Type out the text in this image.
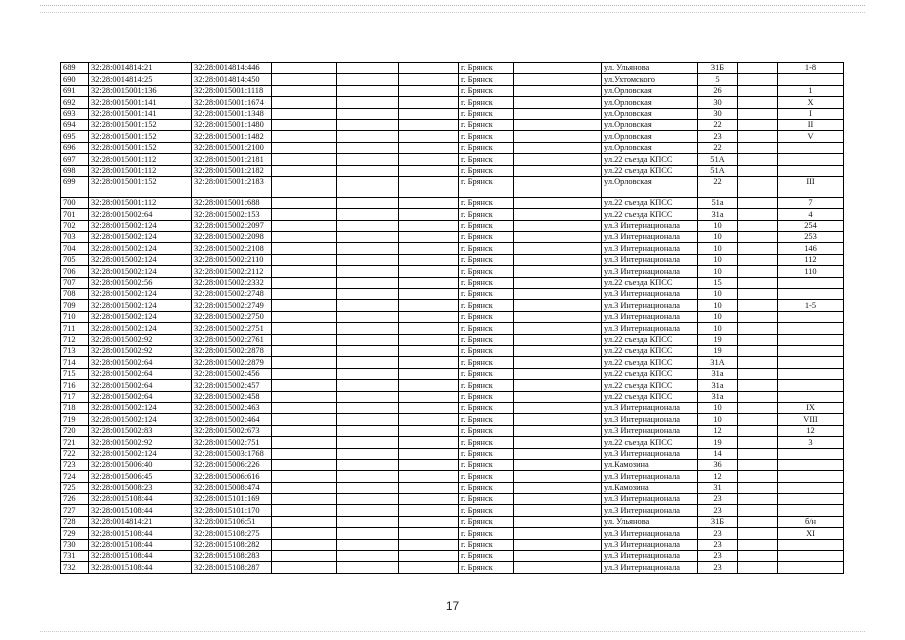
689	32:28:0014814:21	32:28:0014814:446				г. Брянск		ул. Ульянова	31Б		1-8
690	32:28:0014814:25	32:28:0014814:450				г. Брянск		ул.Ухтомского	5		
691	32:28:0015001:136	32:28:0015001:1118				г. Брянск		ул.Орловская	26		1
692	32:28:0015001:141	32:28:0015001:1674				г. Брянск		ул.Орловская	30		X
693	32:28:0015001:141	32:28:0015001:1348				г. Брянск		ул.Орловская	30		I
694	32:28:0015001:152	32:28:0015001:1480				г. Брянск		ул.Орловская	22		II
695	32:28:0015001:152	32:28:0015001:1482				г. Брянск		ул.Орловская	23		V
696	32:28:0015001:152	32:28:0015001:2100				г. Брянск		ул.Орловская	22		
697	32:28:0015001:112	32:28:0015001:2181				г. Брянск		ул.22 съезда КПСС	51А		
698	32:28:0015001:112	32:28:0015001:2182				г. Брянск		ул.22 съезда КПСС	51А		
699	32:28:0015001:152	32:28:0015001:2183				г. Брянск		ул.Орловская	22		III
700	32:28:0015001:112	32:28:0015001:688				г. Брянск		ул.22 съезда КПСС	51а		7
701	32:28:0015002:64	32:28:0015002:153				г. Брянск		ул.22 съезда КПСС	31а		4
702	32:28:0015002:124	32:28:0015002:2097				г. Брянск		ул.3 Интернационала	10		254
703	32:28:0015002:124	32:28:0015002:2098				г. Брянск		ул.3 Интернационала	10		253
704	32:28:0015002:124	32:28:0015002:2108				г. Брянск		ул.3 Интернационала	10		146
705	32:28:0015002:124	32:28:0015002:2110				г. Брянск		ул.3 Интернационала	10		112
706	32:28:0015002:124	32:28:0015002:2112				г. Брянск		ул.3 Интернационала	10		110
707	32:28:0015002:56	32:28:0015002:2332				г. Брянск		ул.22 съезда КПСС	15		
708	32:28:0015002:124	32:28:0015002:2748				г. Брянск		ул.3 Интернационала	10		
709	32:28:0015002:124	32:28:0015002:2749				г. Брянск		ул.3 Интернационала	10		1-5
710	32:28:0015002:124	32:28:0015002:2750				г. Брянск		ул.3 Интернационала	10		
711	32:28:0015002:124	32:28:0015002:2751				г. Брянск		ул.3 Интернационала	10		
712	32:28:0015002:92	32:28:0015002:2761				г. Брянск		ул.22 съезда КПСС	19		
713	32:28:0015002:92	32:28:0015002:2878				г. Брянск		ул.22 съезда КПСС	19		
714	32:28:0015002:64	32:28:0015002:2879				г. Брянск		ул.22 съезда КПСС	31А		
715	32:28:0015002:64	32:28:0015002:456				г. Брянск		ул.22 съезда КПСС	31а		
716	32:28:0015002:64	32:28:0015002:457				г. Брянск		ул.22 съезда КПСС	31а		
717	32:28:0015002:64	32:28:0015002:458				г. Брянск		ул.22 съезда КПСС	31а		
718	32:28:0015002:124	32:28:0015002:463				г. Брянск		ул.3 Интернационала	10		IX
719	32:28:0015002:124	32:28:0015002:464				г. Брянск		ул.3 Интернационала	10		VIII
720	32:28:0015002:83	32:28:0015002:673				г. Брянск		ул.3 Интернационала	12		12
721	32:28:0015002:92	32:28:0015002:751				г. Брянск		ул.22 съезда КПСС	19		3
722	32:28:0015002:124	32:28:0015003:1768				г. Брянск		ул.3 Интернационала	14		
723	32:28:0015006:40	32:28:0015006:226				г. Брянск		ул.Камозина	36		
724	32:28:0015006:45	32:28:0015006:616				г. Брянск		ул.3 Интернационала	12		
725	32:28:0015008:23	32:28:0015008:474				г. Брянск		ул.Камозина	31		
726	32:28:0015108:44	32:28:0015101:169				г. Брянск		ул.3 Интернационала	23		
727	32:28:0015108:44	32:28:0015101:170				г. Брянск		ул.3 Интернационала	23		
728	32:28:0014814:21	32:28:0015106:51				г. Брянск		ул. Ульянова	31Б		б/н
729	32:28:0015108:44	32:28:0015108:275				г. Брянск		ул.3 Интернационала	23		XI
730	32:28:0015108:44	32:28:0015108:282				г. Брянск		ул.3 Интернационала	23		
731	32:28:0015108:44	32:28:0015108:283				г. Брянск		ул.3 Интернационала	23		
732	32:28:0015108:44	32:28:0015108:287				г. Брянск		ул.3 Интернационала	23		
17
